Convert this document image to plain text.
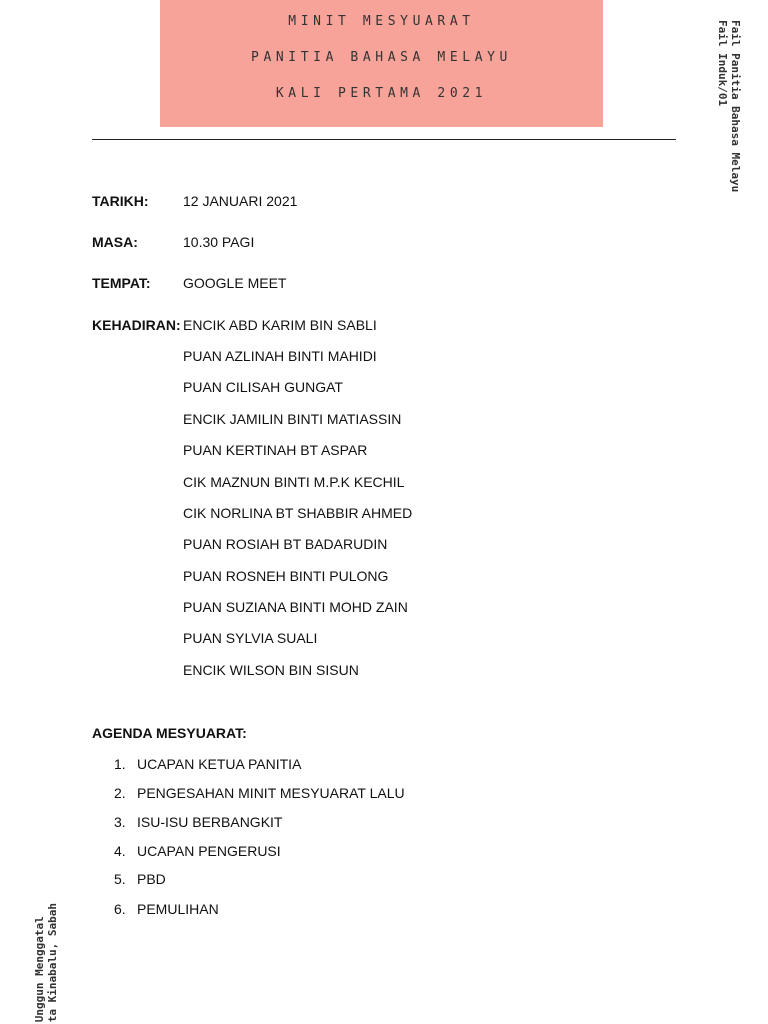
MINIT MESYUARAT
PANITIA BAHASA MELAYU
KALI PERTAMA 2021	Fail Panitia Bahasa Melayu
Fail Induk/01
Unggun Menggatal ta Kinabalu, Sabah
TARIKH: 12 JANUARI 2021
MASA:	10.30 PAGI
TEMPAT: GOOGLE MEET
KEHADIRAN: ENCIK ABD KARIM BIN SABLI
PUAN AZLINAH BINTI MAHIDI
PUAN CILISAH GUNGAT
ENCIK JAMILIN BINTI MATIASSIN
PUAN KERTINAH BT ASPAR
CIK MAZNUN BINTI M.P.K KECHIL
CIK NORLINA BT SHABBIR AHMED
PUAN ROSIAH BT BADARUDIN
PUAN ROSNEH BINTI PULONG
PUAN SUZIANA BINTI MOHD ZAIN
PUAN SYLVIA SUALI
ENCIK WILSON BIN SISUN
AGENDA MESYUARAT:
1. UCAPAN KETUA PANITIA
2. PENGESAHAN MINIT MESYUARAT LALU
3. ISU-ISU BERBANGKIT
4. UCAPAN PENGERUSI
5. PBD
6. PEMULIHAN
